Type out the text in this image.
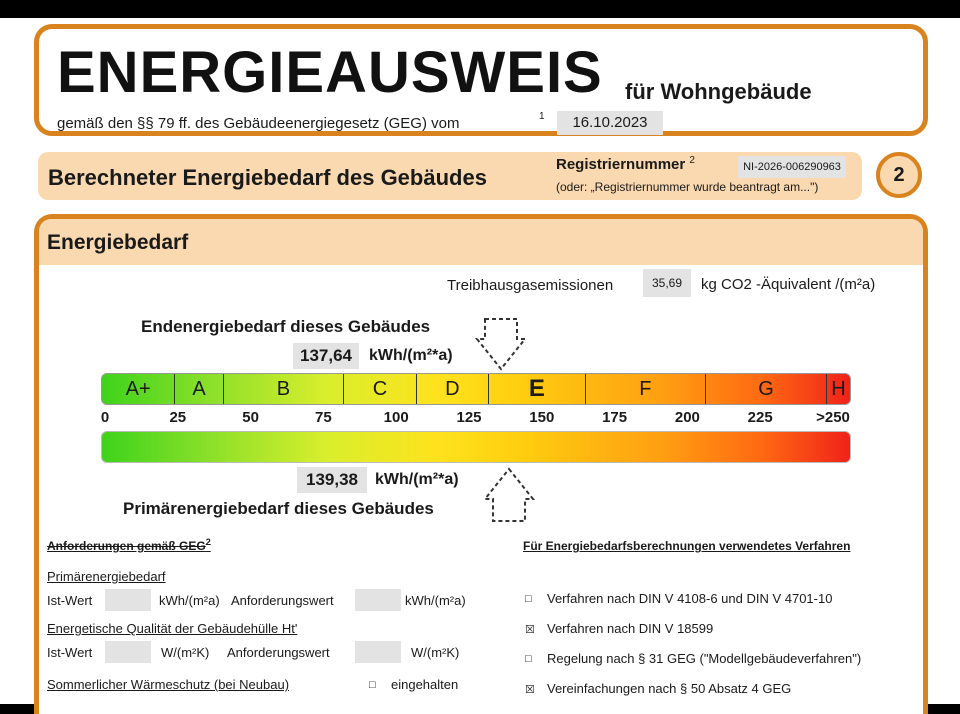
ENERGIEAUSWEIS für Wohngebäude
gemäß den §§ 79 ff. des Gebäudeenergiegesetz (GEG) vom	1	16.10.2023
Berechneter Energiebedarf des Gebäudes
Registriernummer $^2$
NI-2026-006290963
(oder: „Registriernummer wurde beantragt am...")
2
Energiebedarf
Treibhausgasemissionen	35,69	kg CO2 -Äquivalent /(m²a)
Endenergiebedarf dieses Gebäudes
137,64	kWh/(m²*a)
A+	A	B	C	D	E	F	G	H
0	25	50	75	100	125	150	175	200	225	>250
139,38	kWh/(m²*a)
Primärenergiebedarf dieses Gebäudes
Anforderungen gemäß GEG$^2$
Primärenergiebedarf
Ist-Wert	kWh/(m²a) Anforderungswert	kWh/(m²a)
Energetische Qualität der Gebäudehülle Ht'
Ist-Wert	W/(m²K) Anforderungswert	W/(m²K)
Sommerlicher Wärmeschutz (bei Neubau)	□ eingehalten
Für Energiebedarfsberechnungen verwendetes Verfahren
□ Verfahren nach DIN V 4108-6 und DIN V 4701-10
☒ Verfahren nach DIN V 18599
□ Regelung nach § 31 GEG ("Modellgebäudeverfahren")
☒ Vereinfachungen nach § 50 Absatz 4 GEG
